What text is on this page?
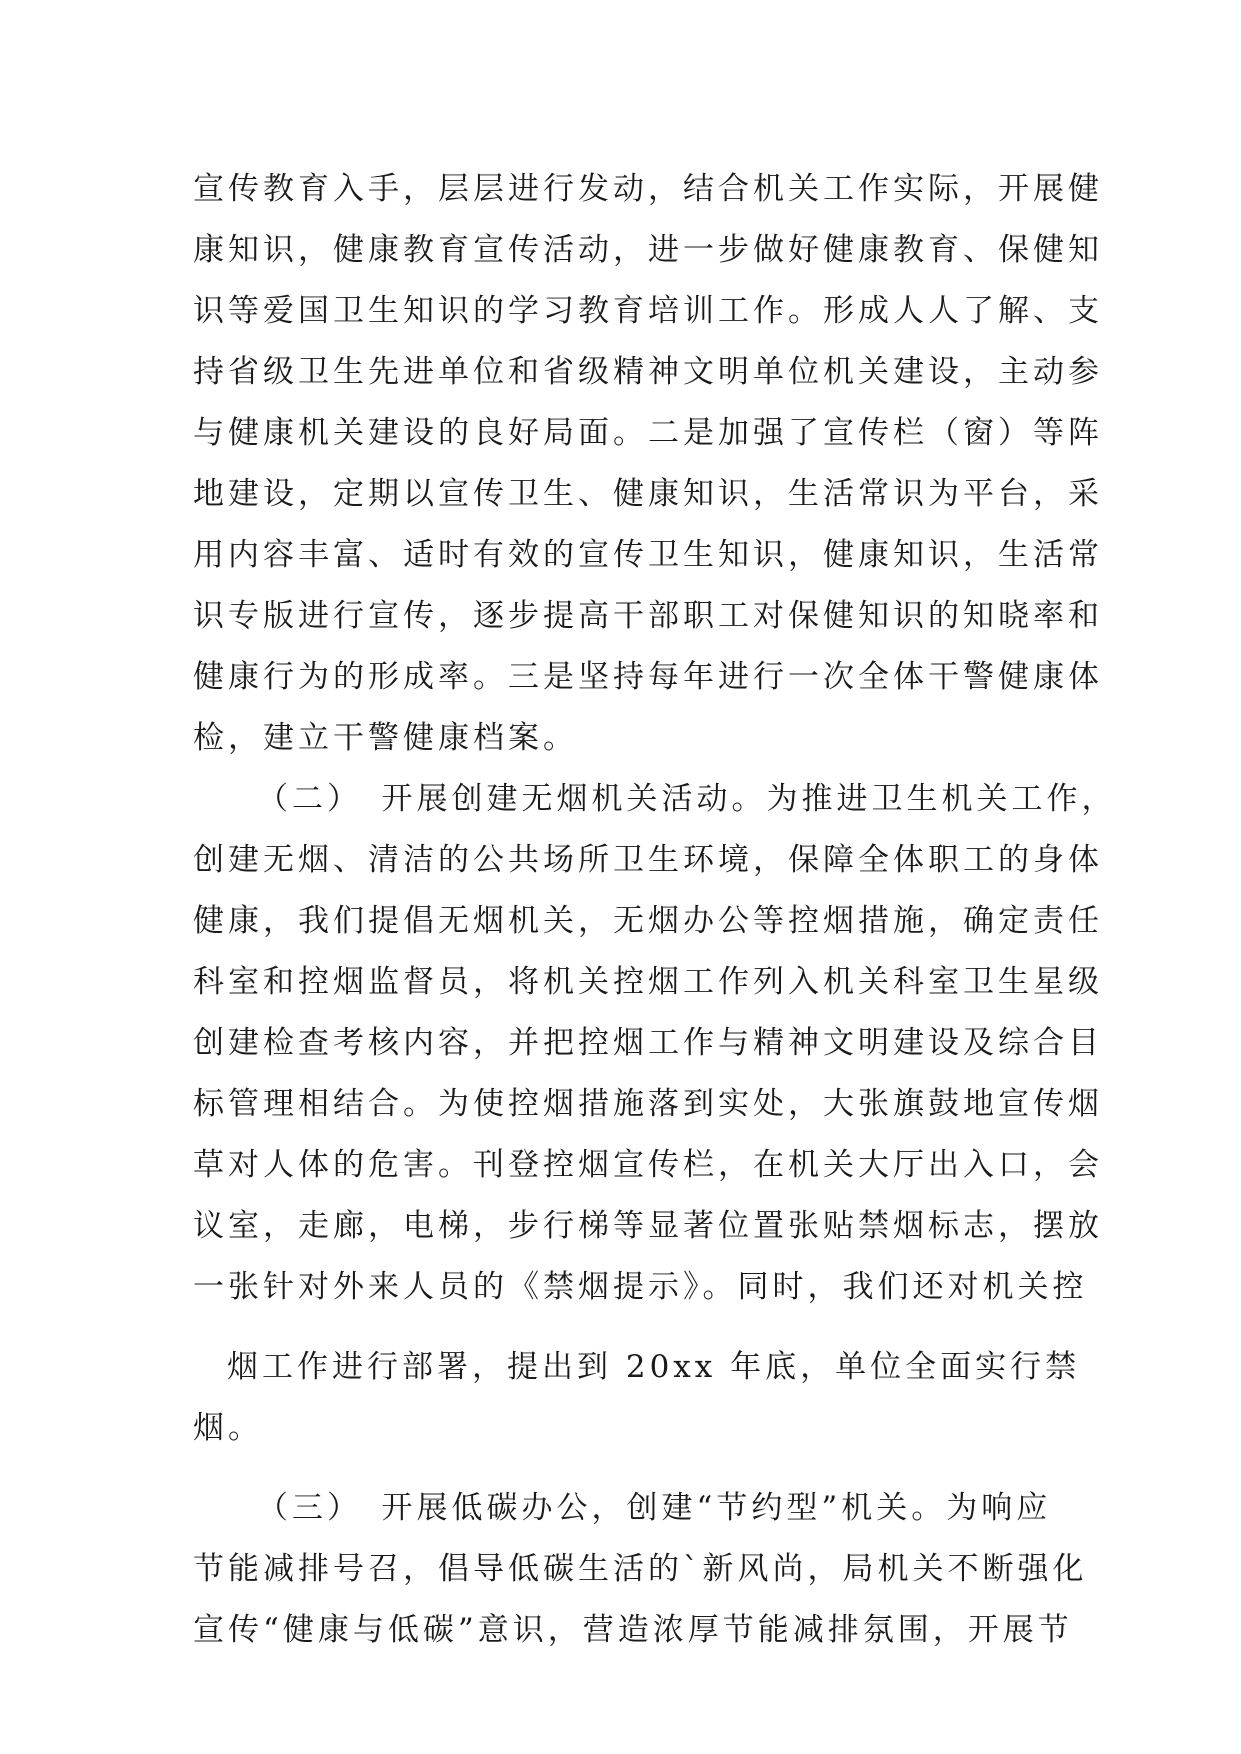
宣传教育入手，层层进行发动，结合机关工作实际，开展健
康知识，健康教育宣传活动，进一步做好健康教育、保健知
识等爱国卫生知识的学习教育培训工作。形成人人了解、支
持省级卫生先进单位和省级精神文明单位机关建设，主动参
与健康机关建设的良好局面。二是加强了宣传栏（窗）等阵
地建设，定期以宣传卫生、健康知识，生活常识为平台，采
用内容丰富、适时有效的宣传卫生知识，健康知识，生活常
识专版进行宣传，逐步提高干部职工对保健知识的知晓率和
健康行为的形成率。三是坚持每年进行一次全体干警健康体
检，建立干警健康档案。
（二）　开展创建无烟机关活动。为推进卫生机关工作，
创建无烟、清洁的公共场所卫生环境，保障全体职工的身体
健康，我们提倡无烟机关，无烟办公等控烟措施，确定责任
科室和控烟监督员，将机关控烟工作列入机关科室卫生星级
创建检查考核内容，并把控烟工作与精神文明建设及综合目
标管理相结合。为使控烟措施落到实处，大张旗鼓地宣传烟
草对人体的危害。刊登控烟宣传栏，在机关大厅出入口，会
议室，走廊，电梯，步行梯等显著位置张贴禁烟标志，摆放
一张针对外来人员的《禁烟提示》。同时，我们还对机关控
烟工作进行部署，提出到 20xx 年底，单位全面实行禁
烟。
（三）　开展低碳办公，创建“节约型”机关。为响应
节能减排号召，倡导低碳生活的`新风尚，局机关不断强化
宣传“健康与低碳”意识，营造浓厚节能减排氛围，开展节
